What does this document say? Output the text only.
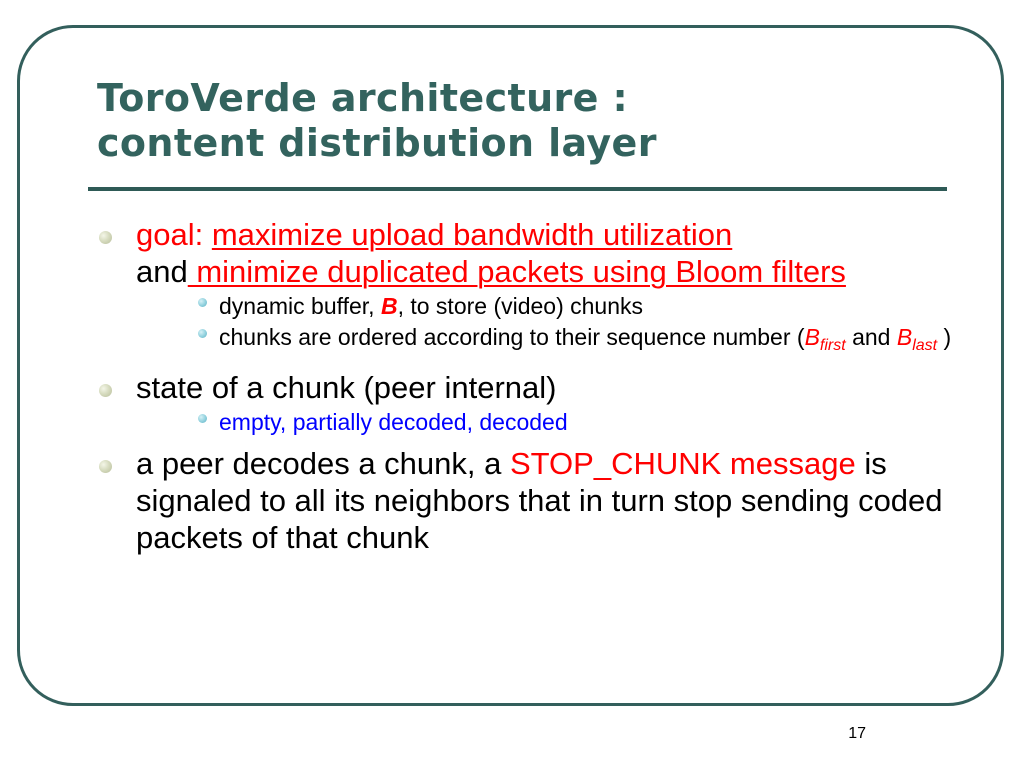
ToroVerde architecture :
content distribution layer
goal: maximize upload bandwidth utilization
and minimize duplicated packets using Bloom filters
dynamic buffer, B, to store (video) chunks
chunks are ordered according to their sequence number ($B_{first}$ and $B_{last}$ )
state of a chunk (peer internal)
empty, partially decoded, decoded
a peer decodes a chunk, a STOP_CHUNK message is signaled to all its neighbors that in turn stop sending coded packets of that chunk
17
